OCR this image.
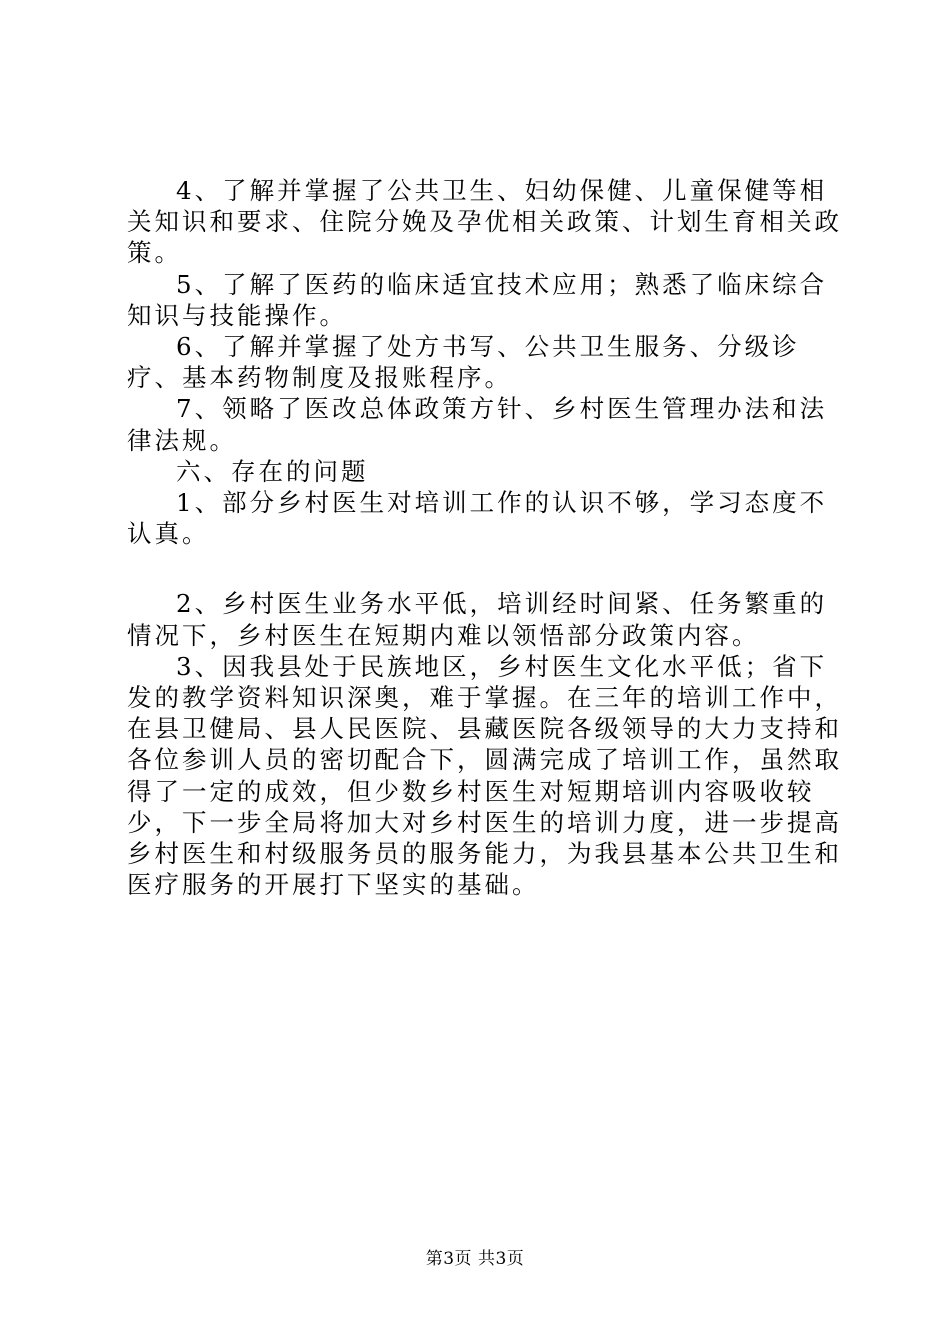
4、了解并掌握了公共卫生、妇幼保健、儿童保健等相关知识和要求、住院分娩及孕优相关政策、计划生育相关政策。

5、了解了医药的临床适宜技术应用；熟悉了临床综合知识与技能操作。

6、了解并掌握了处方书写、公共卫生服务、分级诊疗、基本药物制度及报账程序。

7、领略了医改总体政策方针、乡村医生管理办法和法律法规。

六、存在的问题

1、部分乡村医生对培训工作的认识不够，学习态度不认真。

2、乡村医生业务水平低，培训经时间紧、任务繁重的情况下，乡村医生在短期内难以领悟部分政策内容。

3、因我县处于民族地区，乡村医生文化水平低；省下发的教学资料知识深奥，难于掌握。在三年的培训工作中，在县卫健局、县人民医院、县藏医院各级领导的大力支持和各位参训人员的密切配合下，圆满完成了培训工作，虽然取得了一定的成效，但少数乡村医生对短期培训内容吸收较少，下一步全局将加大对乡村医生的培训力度，进一步提高乡村医生和村级服务员的服务能力，为我县基本公共卫生和医疗服务的开展打下坚实的基础。

第3页 共3页
